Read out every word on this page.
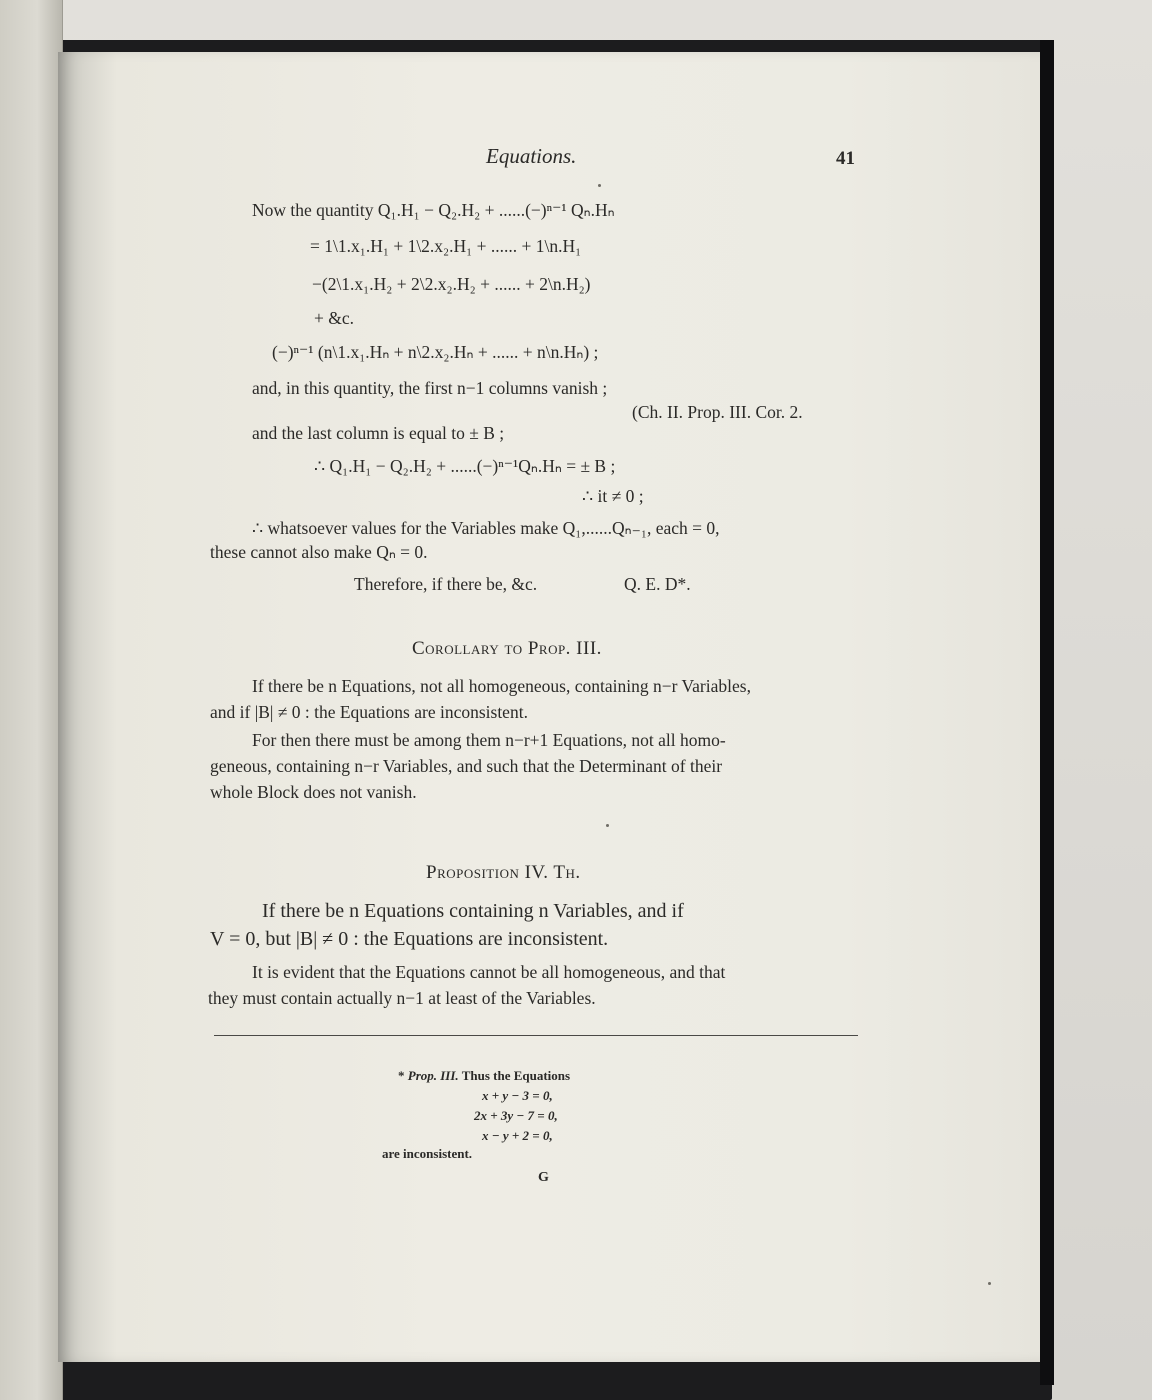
Equations.	41
Now the quantity Q₁.H₁ − Q₂.H₂ + ......(−)ⁿ⁻¹ Qₙ.Hₙ
= 1\1.x₁.H₁ + 1\2.x₂.H₁ + ...... + 1\n.H₁
−(2\1.x₁.H₂ + 2\2.x₂.H₂ + ...... + 2\n.H₂)
+ &c.
(−)ⁿ⁻¹ (n\1.x₁.Hₙ + n\2.x₂.Hₙ + ...... + n\n.Hₙ) ;
and, in this quantity, the first n−1 columns vanish ;
(Ch. II. Prop. III. Cor. 2.
and the last column is equal to ± B ;
∴ Q₁.H₁ − Q₂.H₂ + ......(−)ⁿ⁻¹Qₙ.Hₙ = ± B ;
∴ it ≠ 0 ;
∴ whatsoever values for the Variables make Q₁,......Qₙ₋₁, each = 0,
these cannot also make Qₙ = 0.
Therefore, if there be, &c.	Q. E. D*.
Corollary to Prop. III.
If there be n Equations, not all homogeneous, containing n−r Variables,
and if |B| ≠ 0 : the Equations are inconsistent.
For then there must be among them n−r+1 Equations, not all homo-
geneous, containing n−r Variables, and such that the Determinant of their
whole Block does not vanish.
Proposition IV. Th.
If there be n Equations containing n Variables, and if
V = 0, but |B| ≠ 0 : the Equations are inconsistent.
It is evident that the Equations cannot be all homogeneous, and that
they must contain actually n−1 at least of the Variables.
* Prop. III. Thus the Equations
x + y − 3 = 0,
2x + 3y − 7 = 0,
x − y + 2 = 0,
are inconsistent.
G
